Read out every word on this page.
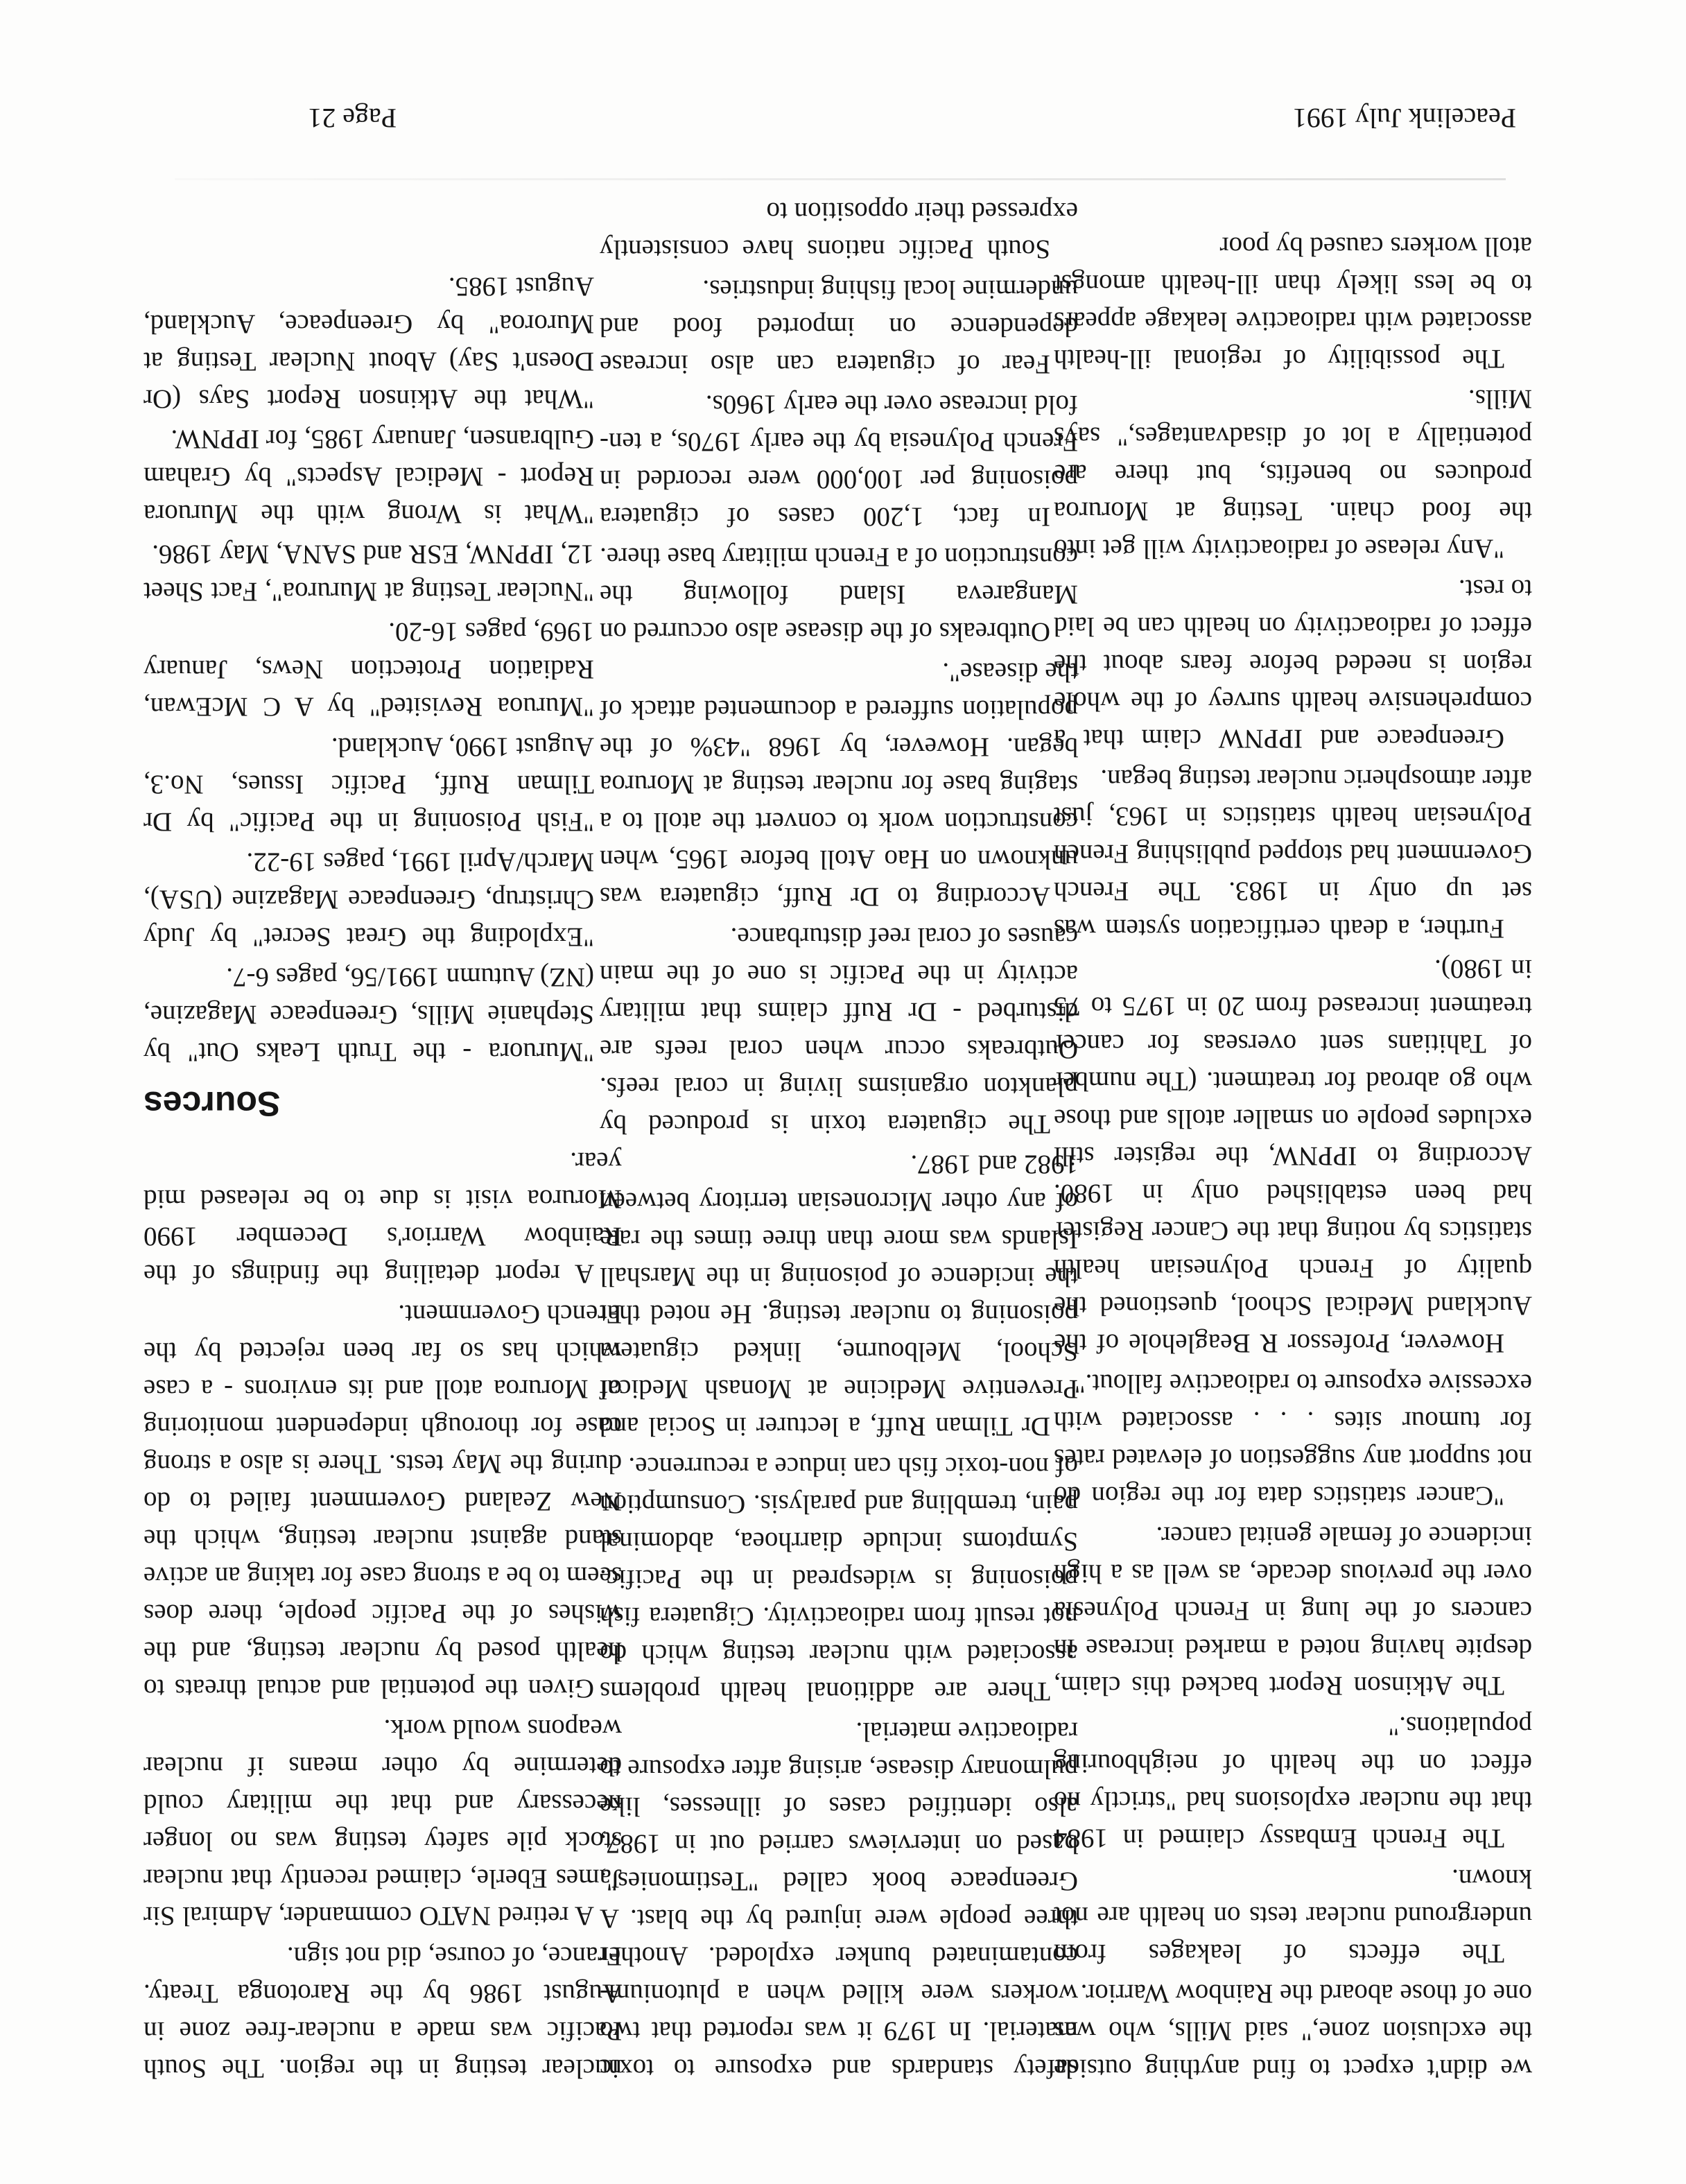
we didn't expect to find anything outside the exclusion zone," said Mills, who was one of those aboard the Rainbow Warrior.

The effects of leakages from underground nuclear tests on health are not known.

The French Embassy claimed in 1984 that the nuclear explosions had "strictly no effect on the health of neighbouring populations."

The Atkinson Report backed this claim, despite having noted a marked increase in cancers of the lung in French Polynesia over the previous decade, as well as a high incidence of female genital cancer.

"Cancer statistics data for the region do not support any suggestion of elevated rates for tumour sites . . . associated with excessive exposure to radioactive fallout."

However, Professor R Beaglehole of the Auckland Medical School, questioned the quality of French Polynesian health statistics by noting that the Cancer Register had been established only in 1980. According to IPPNW, the register still excludes people on smaller atolls and those who go abroad for treatment. (The number of Tahitians sent overseas for cancer treatment increased from 20 in 1975 to 75 in 1980).

Further, a death certification system was set up only in 1983. The French Government had stopped publishing French Polynesian health statistics in 1963, just after atmospheric nuclear testing began.

Greenpeace and IPPNW claim that a comprehensive health survey of the whole region is needed before fears about the effect of radioactivity on health can be laid to rest.

"Any release of radioactivity will get into the food chain. Testing at Moruroa produces no benefits, but there are potentially a lot of disadvantages," says Mills.

The possibility of regional ill-health associated with radioactive leakage appears to be less likely than ill-health amongst atoll workers caused by poor

safety standards and exposure to toxic material. In 1979 it was reported that two workers were killed when a plutonium-contaminated bunker exploded. Another three people were injured by the blast. A Greenpeace book called "Testimonies", based on interviews carried out in 1987, also identified cases of illnesses, like pulmonary disease, arising after exposure to radioactive material.

There are additional health problems associated with nuclear testing which do not result from radioactivity. Ciguatera fish poisoning is widespread in the Pacific. Symptoms include diarrhoea, abdominal pain, trembling and paralysis. Consumption of non-toxic fish can induce a recurrence.

Dr Tilman Ruff, a lecturer in Social and Preventive Medicine at Monash Medical School, Melbourne, linked ciguatera poisoning to nuclear testing. He noted that the incidence of poisoning in the Marshall Islands was more than three times the rate of any other Micronesian territory between 1982 and 1987.

The ciguatera toxin is produced by plankton organisms living in coral reefs. Outbreaks occur when coral reefs are disturbed - Dr Ruff claims that military activity in the Pacific is one of the main causes of coral reef disturbance.

According to Dr Ruff, ciguatera was unknown on Hao Atoll before 1965, when construction work to convert the atoll to a staging base for nuclear testing at Moruroa began. However, by 1968 "43% of the population suffered a documented attack of the disease".

Outbreaks of the disease also occurred on Mangareva Island following the construction of a French military base there.

In fact, 1,200 cases of ciguatera poisoning per 100,000 were recorded in French Polynesia by the early 1970s, a ten-fold increase over the early 1960s.

Fear of ciguatera can also increase dependence on imported food and undermine local fishing industries.

South Pacific nations have consistently expressed their opposition to

nuclear testing in the region. The South Pacific was made a nuclear-free zone in August 1986 by the Rarotonga Treaty. France, of course, did not sign.

A retired NATO commander, Admiral Sir James Eberle, claimed recently that nuclear stock pile safety testing was no longer necessary and that the military could determine by other means if nuclear weapons would work.

Given the potential and actual threats to health posed by nuclear testing, and the wishes of the Pacific people, there does seem to be a strong case for taking an active stand against nuclear testing, which the New Zealand Government failed to do during the May tests. There is also a strong case for thorough independent monitoring of Moruroa atoll and its environs - a case which has so far been rejected by the French Government.

A report detailing the findings of the Rainbow Warrior's December 1990 Moruroa visit is due to be released mid year.

Sources

"Muruora - the Truth Leaks Out" by Stephanie Mills, Greenpeace Magazine, (NZ) Autumn 1991/56, pages 6-7.

"Exploding the Great Secret" by Judy Christrup, Greenpeace Magazine (USA), March/April 1991, pages 19-22.

"Fish Poisoning in the Pacific" by Dr Tilman Ruff, Pacific Issues, No.3, August 1990, Auckland.

"Muruoa Revisited" by A C McEwan, Radiation Protection News, January 1969, pages 16-20.

"Nuclear Testing at Mururoa", Fact Sheet 12, IPPNW, ESR and SANA, May 1986.

"What is Wrong with the Muruora Report - Medical Aspects" by Graham Gulbransen, January 1985, for IPPNW.

"What the Atkinson Report Says (Or Doesn't Say) About Nuclear Testing at Muroroa" by Greenpeace, Auckland, August 1985.

Peacelink July 1991
Page 21
